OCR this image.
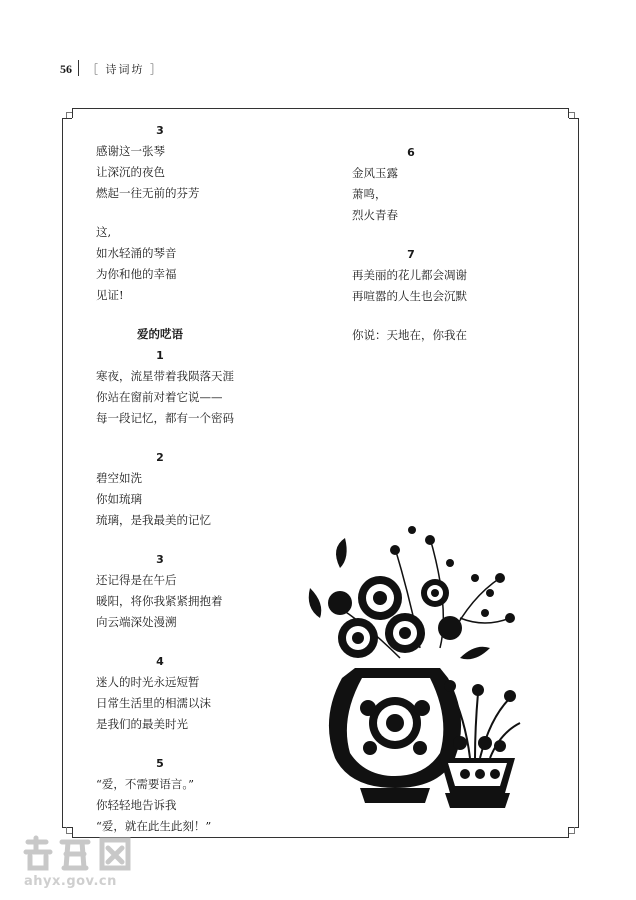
56 ［ 诗词坊 ］
3
感谢这一张琴
让深沉的夜色
燃起一往无前的芬芳
这,
如水轻涌的琴音
为你和他的幸福
见证!
爱的呓语
1
寒夜，流星带着我陨落天涯
你站在窗前对着它说——
每一段记忆，都有一个密码
2
碧空如洗
你如琉璃
琉璃，是我最美的记忆
3
还记得是在午后
暖阳，将你我紧紧拥抱着
向云端深处漫溯
4
迷人的时光永远短暂
日常生活里的相濡以沫
是我们的最美时光
5
“爱，不需要语言。”
你轻轻地告诉我
“爱，就在此生此刻！”
6
金风玉露
萧鸣，
烈火青春
7
再美丽的花儿都会凋谢
再喧嚣的人生也会沉默
你说：天地在，你我在
ahyx.gov.cn
